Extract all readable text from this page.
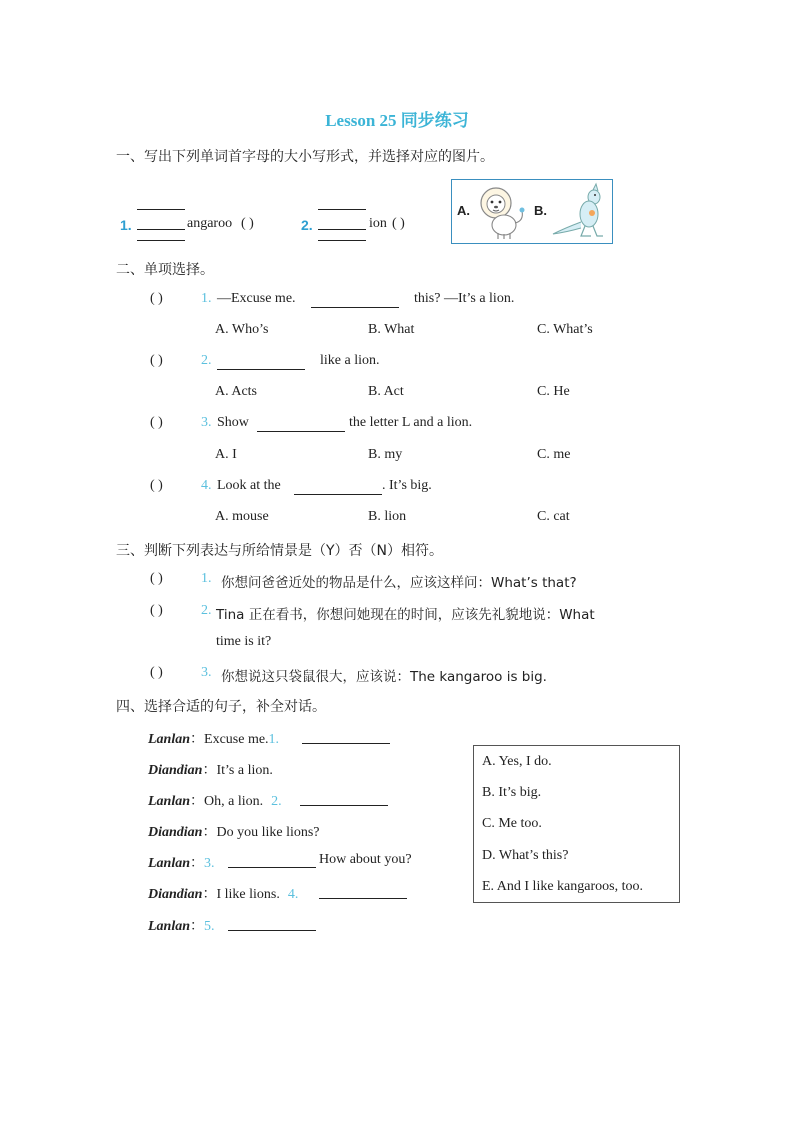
Lesson 25 同步练习
一、写出下列单词首字母的大小写形式，并选择对应的图片。
1.	angaroo ( )	2.	ion ( )
A.	B.
二、单项选择。
( )	1. —Excuse me.	this? —It’s a lion.
A. Who’s	B. What	C. What’s
( )	2.	like a lion.
A. Acts	B. Act	C. He
( )	3. Show	the letter L and a lion.
A. I	B. my	C. me
( )	4. Look at the	. It’s big.
A. mouse	B. lion	C. cat
三、判断下列表达与所给情景是（Y）否（N）相符。
( )	1. 你想问爸爸近处的物品是什么，应该这样问：What’s that?
( )	2. Tina 正在看书，你想问她现在的时间，应该先礼貌地说：What
time is it?
( )	3. 你想说这只袋鼠很大，应该说：The kangaroo is big.
四、选择合适的句子，补全对话。
Lanlan：Excuse me.1.
Diandian：It’s a lion.
Lanlan：Oh, a lion. 2.
Diandian：Do you like lions?
Lanlan：3.	How about you?
Diandian：I like lions. 4.
Lanlan：5.
A. Yes, I do.
B. It’s big.
C. Me too.
D. What’s this?
E. And I like kangaroos, too.
